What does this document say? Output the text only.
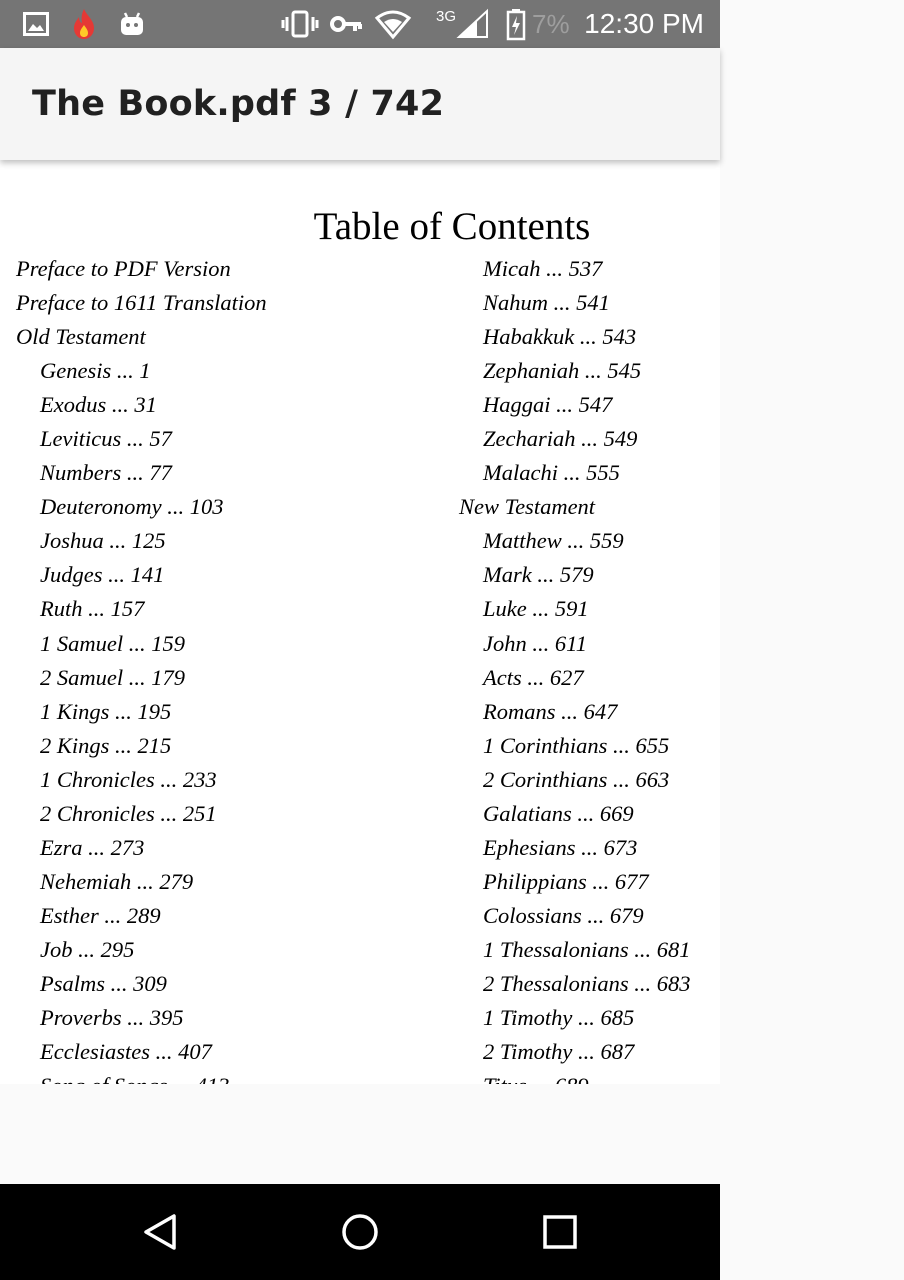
3G	7% 12:30 PM
The Book.pdf 3 / 742
Table of Contents
Preface to PDF Version
Preface to 1611 Translation
Old Testament
Genesis ... 1
Exodus ... 31
Leviticus ... 57
Numbers ... 77
Deuteronomy ... 103
Joshua ... 125
Judges ... 141
Ruth ... 157
1 Samuel ... 159
2 Samuel ... 179
1 Kings ... 195
2 Kings ... 215
1 Chronicles ... 233
2 Chronicles ... 251
Ezra ... 273
Nehemiah ... 279
Esther ... 289
Job ... 295
Psalms ... 309
Proverbs ... 395
Ecclesiastes ... 407
Micah ... 537
Nahum ... 541
Habakkuk ... 543
Zephaniah ... 545
Haggai ... 547
Zechariah ... 549
Malachi ... 555
New Testament
Matthew ... 559
Mark ... 579
Luke ... 591
John ... 611
Acts ... 627
Romans ... 647
1 Corinthians ... 655
2 Corinthians ... 663
Galatians ... 669
Ephesians ... 673
Philippians ... 677
Colossians ... 679
1 Thessalonians ... 681
2 Thessalonians ... 683
1 Timothy ... 685
2 Timothy ... 687
